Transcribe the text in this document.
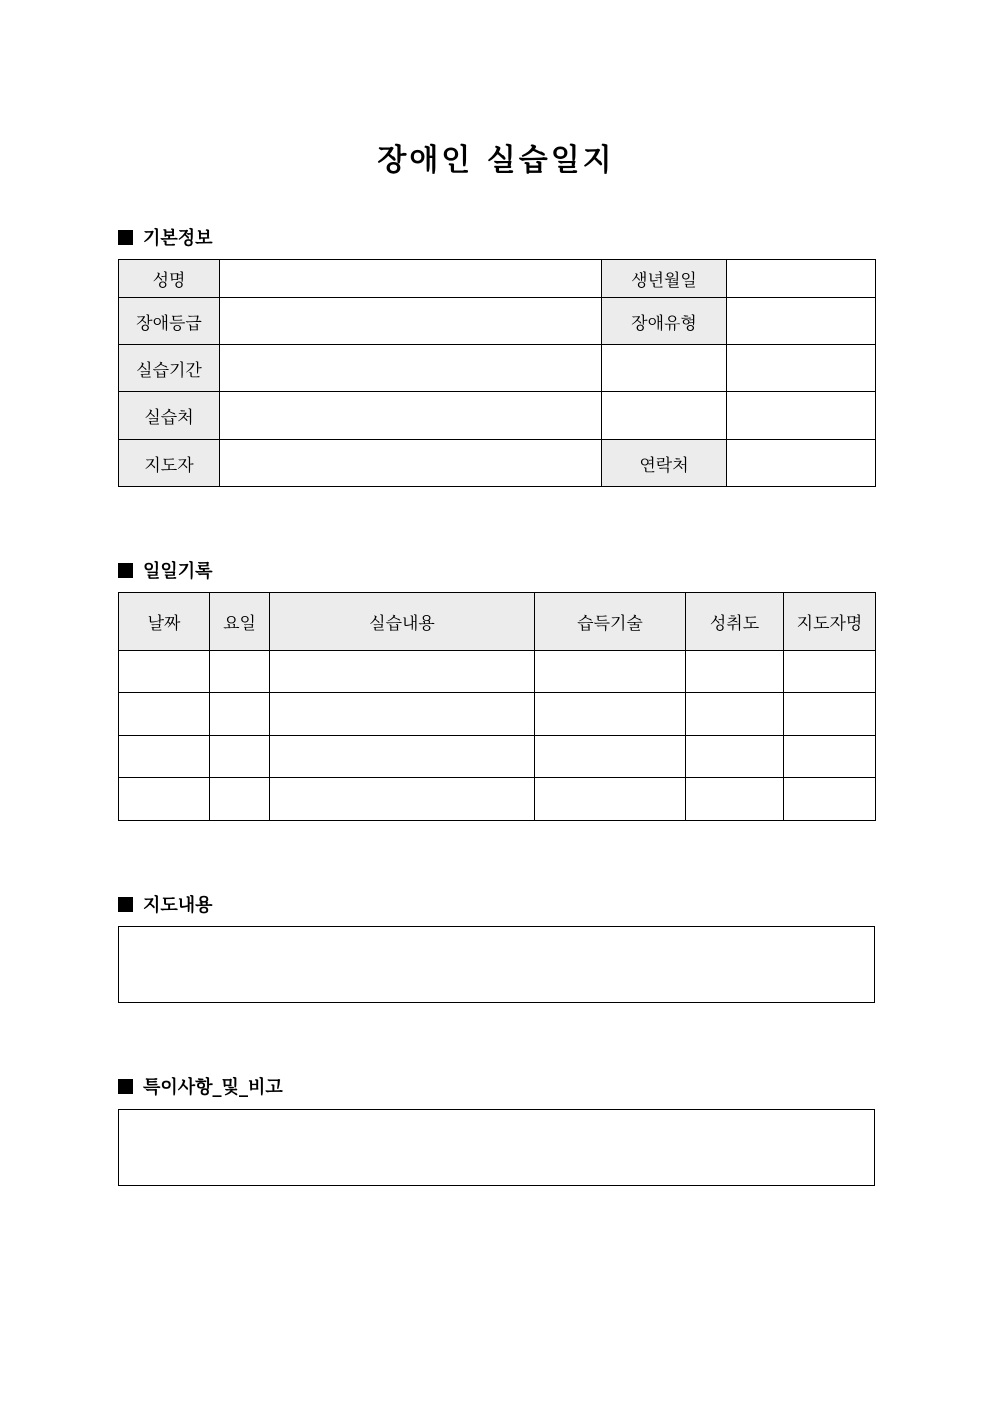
장애인 실습일지
기본정보
성명		생년월일	
장애등급		장애유형	
실습기간			
실습처			
지도자		연락처	
일일기록
날짜	요일	실습내용	습득기술	성취도	지도자명

지도내용
특이사항_및_비고
